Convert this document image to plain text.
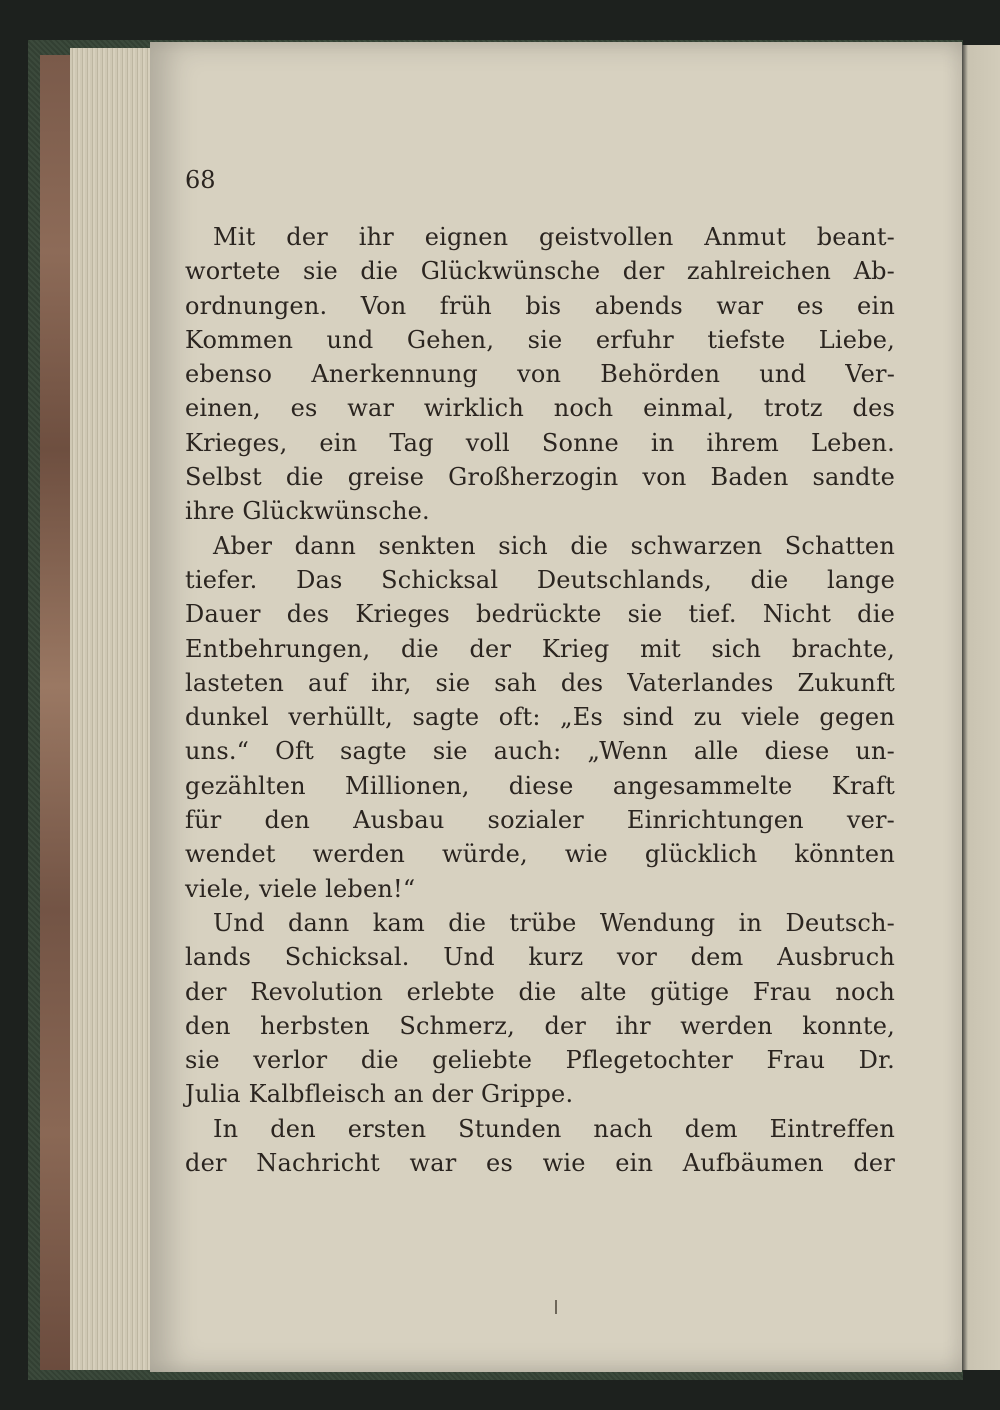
68
Mit der ihr eignen geistvollen Anmut beant-
wortete sie die Glückwünsche der zahlreichen Ab-
ordnungen. Von früh bis abends war es ein
Kommen und Gehen, sie erfuhr tiefste Liebe,
ebenso Anerkennung von Behörden und Ver-
einen, es war wirklich noch einmal, trotz des
Krieges, ein Tag voll Sonne in ihrem Leben.
Selbst die greise Großherzogin von Baden sandte
ihre Glückwünsche.
Aber dann senkten sich die schwarzen Schatten
tiefer. Das Schicksal Deutschlands, die lange
Dauer des Krieges bedrückte sie tief. Nicht die
Entbehrungen, die der Krieg mit sich brachte,
lasteten auf ihr, sie sah des Vaterlandes Zukunft
dunkel verhüllt, sagte oft: „Es sind zu viele gegen
uns.“ Oft sagte sie auch: „Wenn alle diese un-
gezählten Millionen, diese angesammelte Kraft
für den Ausbau sozialer Einrichtungen ver-
wendet werden würde, wie glücklich könnten
viele, viele leben!“
Und dann kam die trübe Wendung in Deutsch-
lands Schicksal. Und kurz vor dem Ausbruch
der Revolution erlebte die alte gütige Frau noch
den herbsten Schmerz, der ihr werden konnte,
sie verlor die geliebte Pflegetochter Frau Dr.
Julia Kalbfleisch an der Grippe.
In den ersten Stunden nach dem Eintreffen
der Nachricht war es wie ein Aufbäumen der
